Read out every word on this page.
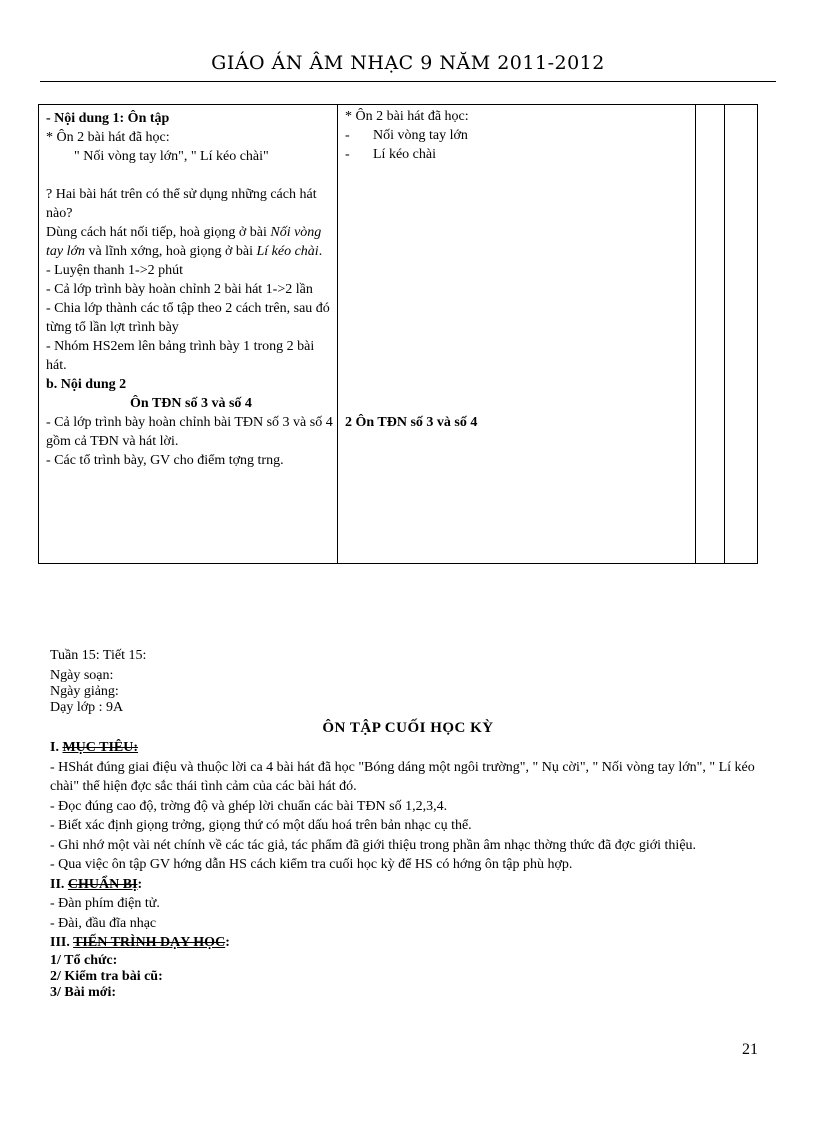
GIÁO ÁN ÂM NHẠC 9 NĂM 2011-2012

- Nội dung 1: Ôn tập

* Ôn 2 bài hát đã học:

" Nối vòng tay lớn", " Lí kéo chài"

? Hai bài hát trên có thể sử dụng những cách hát nào?

Dùng cách hát nối tiếp, hoà giọng ở bài Nối vòng tay lớn và lĩnh xớng, hoà giọng ở bài Lí kéo chài.

- Luyện thanh 1->2 phút

- Cả lớp trình bày hoàn chỉnh 2 bài hát 1->2 lần

- Chia lớp thành các tổ tập theo 2 cách trên, sau đó từng tổ lần lợt trình bày

- Nhóm HS2em lên bảng trình bày 1 trong 2 bài hát.

b. Nội dung 2

Ôn TĐN số 3 và số 4

- Cả lớp trình bày hoàn chỉnh bài TĐN số 3 và số 4 gồm cả TĐN và hát lời.

- Các tổ trình bày, GV cho điểm tợng trng.

* Ôn 2 bài hát đã học:

-	Nối vòng tay lớn

-	Lí kéo chài

2 Ôn TĐN số 3 và số 4

Tuần 15: Tiết 15:

Ngày soạn:

Ngày giảng:

Dạy lớp : 9A

ÔN TẬP CUỐI HỌC KỲ

I. MỤC TIÊU:

- HShát đúng giai điệu và thuộc lời ca 4 bài hát đã học "Bóng dáng một ngôi trường", " Nụ cời", " Nối vòng tay lớn", " Lí kéo chài" thể hiện đợc sắc thái tình cảm của các bài hát đó.

- Đọc đúng cao độ, trờng độ và ghép lời chuẩn các bài TĐN số 1,2,3,4.

- Biết xác định giọng trởng, giọng thứ có một dấu hoá trên bản nhạc cụ thể.

- Ghi nhớ một vài nét chính về các tác giả, tác phẩm đã giới thiệu trong phần âm nhạc thờng thức đã đợc giới thiệu.

- Qua việc ôn tập GV hớng dẫn HS cách kiểm tra cuối học kỳ để HS có hớng ôn tập phù hợp.

II. CHUẨN BỊ:

- Đàn phím điện tử.

- Đài, đầu đĩa nhạc

III. TIẾN TRÌNH DẠY HỌC:

1/ Tổ chức:

2/ Kiểm tra bài cũ:

3/ Bài mới:

21
